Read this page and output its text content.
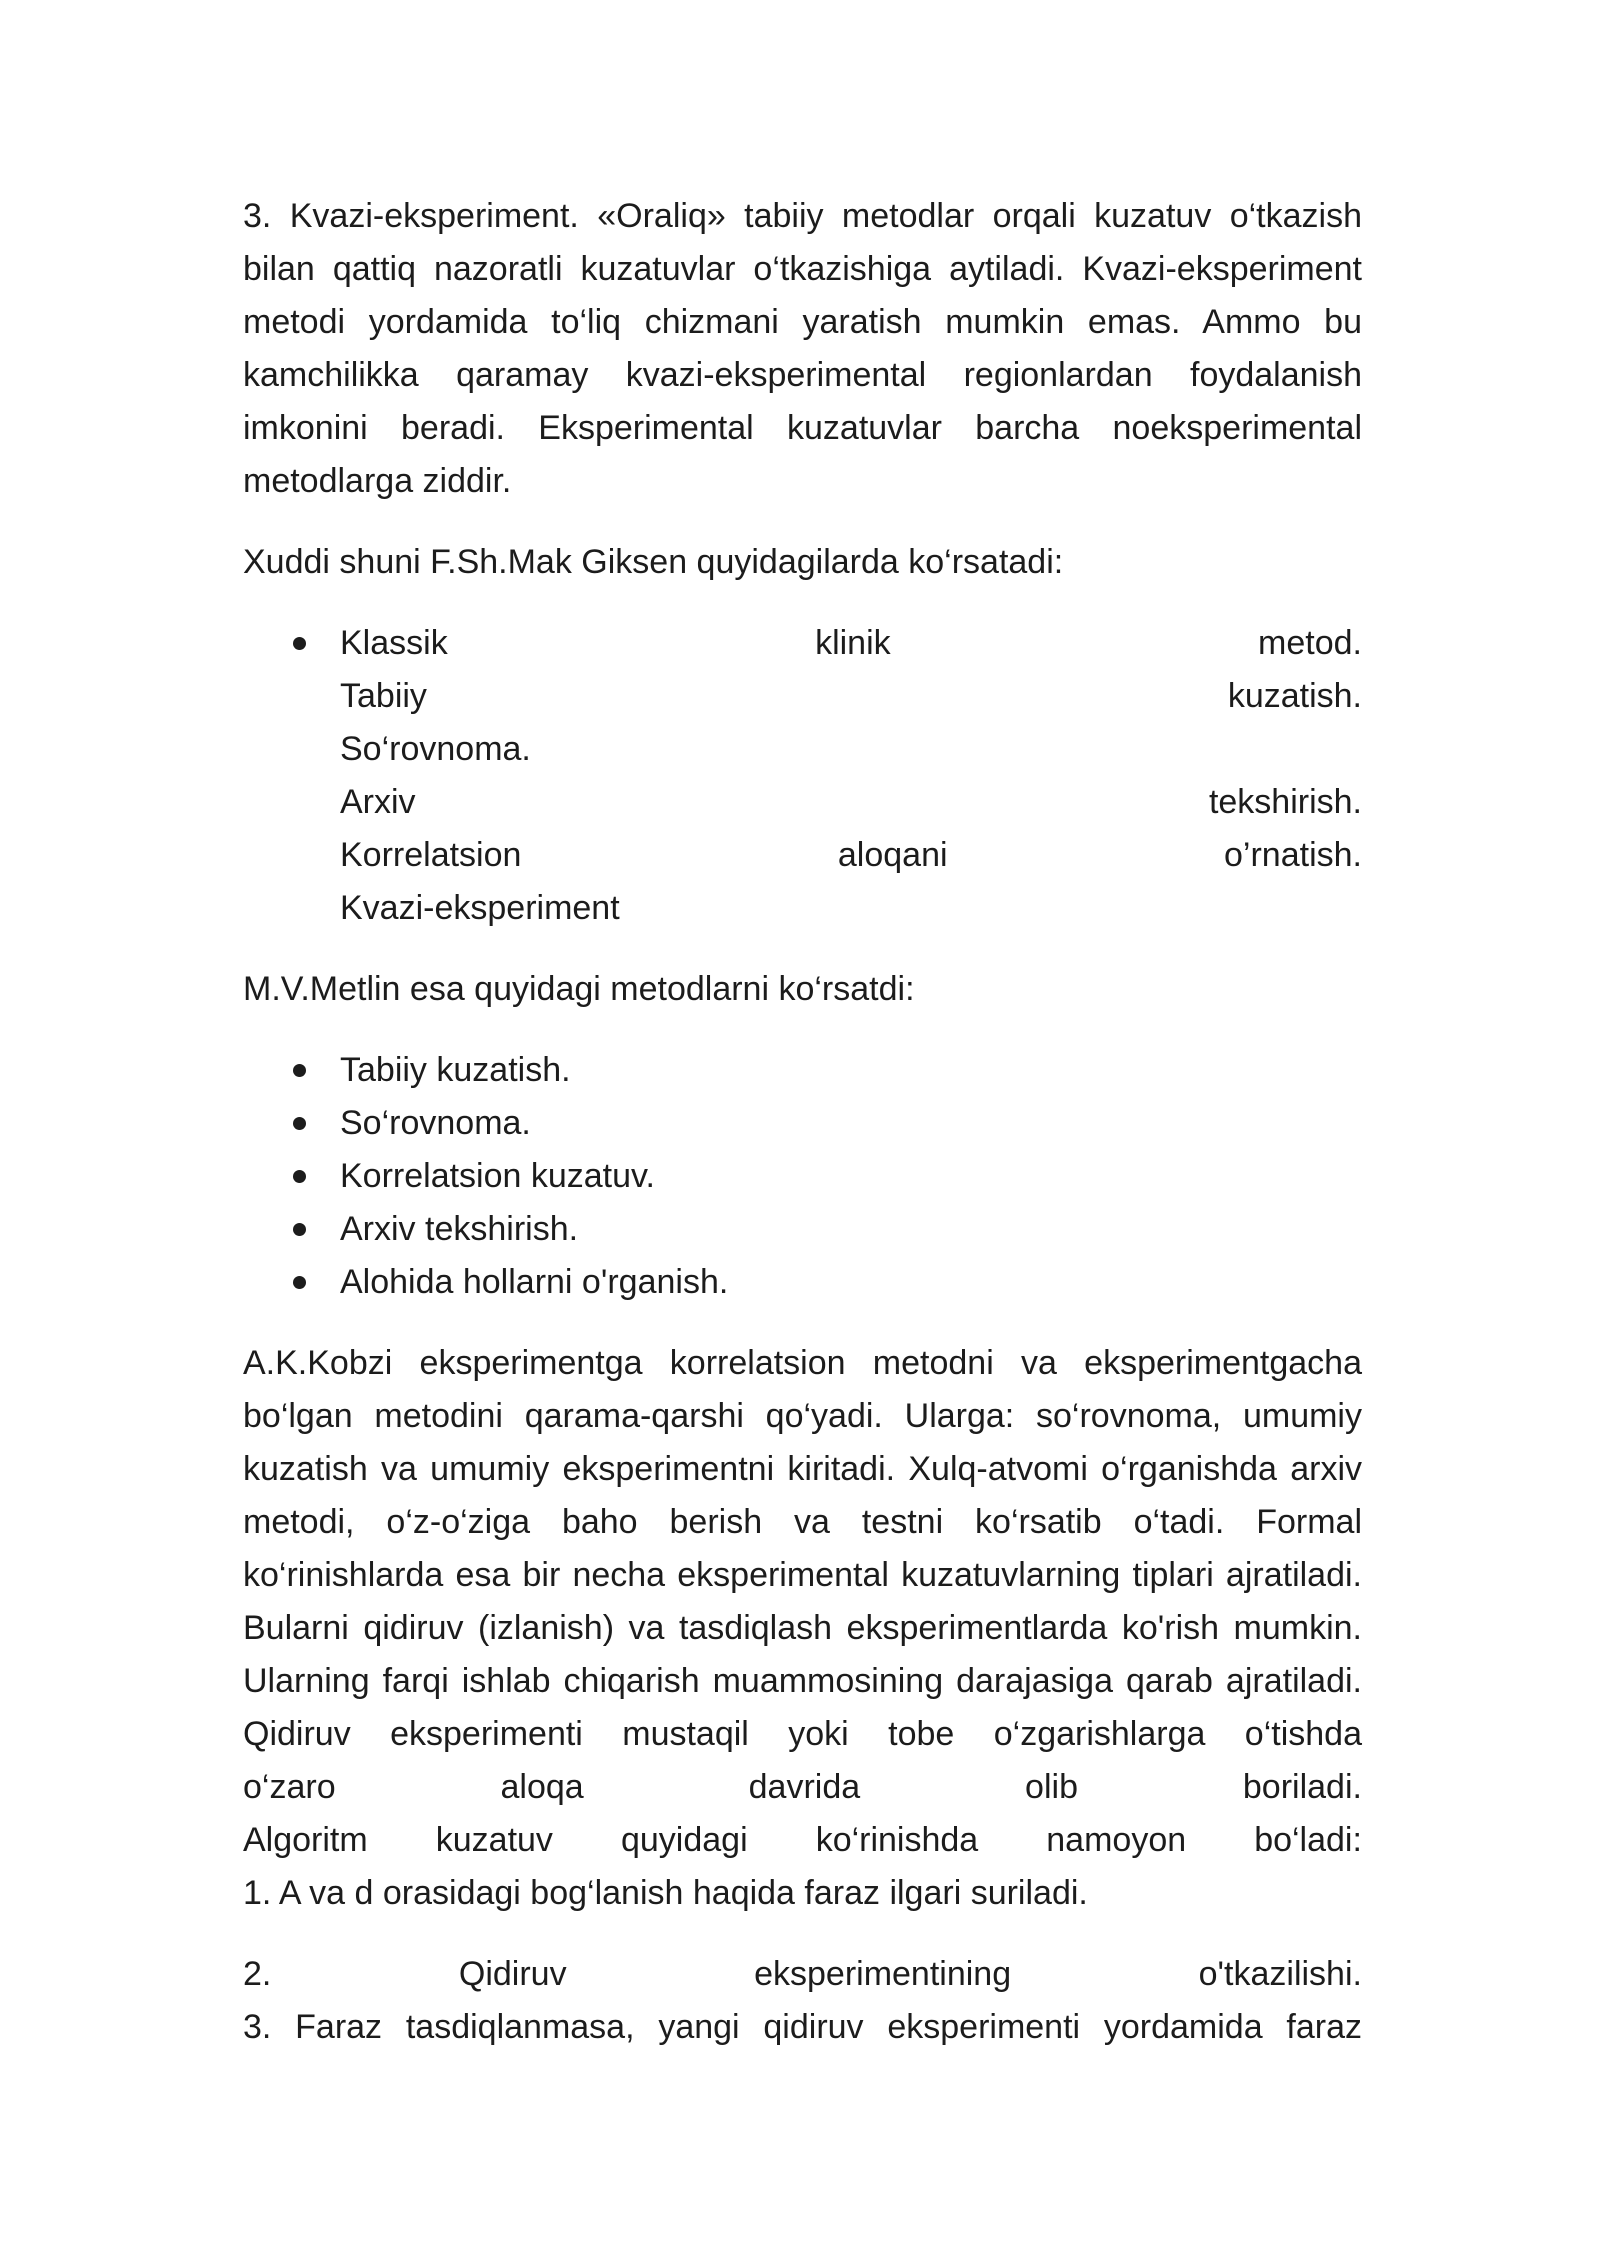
3. Kvazi-eksperiment. «Oraliq» tabiiy metodlar orqali kuzatuv o‘tkazish bilan qattiq nazoratli kuzatuvlar o‘tkazishiga aytiladi. Kvazi-eksperiment metodi yordamida to‘liq chizmani yaratish mumkin emas. Ammo bu kamchilikka qaramay kvazi-eksperimental regionlardan foydalanish imkonini beradi. Eksperimental kuzatuvlar barcha noeksperimental metodlarga ziddir.

Xuddi shuni F.Sh.Mak Giksen quyidagilarda ko‘rsatadi:

Klassik	klinik	metod.
Tabiiy	kuzatish.
So‘rovnoma.
Arxiv	tekshirish.
Korrelatsion	aloqani	o’rnatish.
Kvazi-eksperiment

M.V.Metlin esa quyidagi metodlarni ko‘rsatdi:

Tabiiy kuzatish.
So‘rovnoma.
Korrelatsion kuzatuv.
Arxiv tekshirish.
Alohida hollarni o'rganish.

A.K.Kobzi eksperimentga korrelatsion metodni va eksperimentgacha bo‘lgan metodini qarama-qarshi qo‘yadi. Ularga: so‘rovnoma, umumiy kuzatish va umumiy eksperimentni kiritadi. Xulq-atvomi o‘rganishda arxiv metodi, o‘z-o‘ziga baho berish va testni ko‘rsatib o‘tadi. Formal ko‘rinishlarda esa bir necha eksperimental kuzatuvlarning tiplari ajratiladi. Bularni qidiruv (izlanish) va tasdiqlash eksperimentlarda ko'rish mumkin. Ularning farqi ishlab chiqarish muammosining darajasiga qarab ajratiladi. Qidiruv eksperimenti mustaqil yoki tobe o‘zgarishlarga o‘tishda

o‘zaro	aloqa	davrida	olib	boriladi.
Algoritm kuzatuv quyidagi ko‘rinishda namoyon bo‘ladi:
1. A va d orasidagi bog‘lanish haqida faraz ilgari suriladi.
2.	Qidiruv	eksperimentining	o'tkazilishi.
3. Faraz tasdiqlanmasa, yangi qidiruv eksperimenti yordamida faraz
